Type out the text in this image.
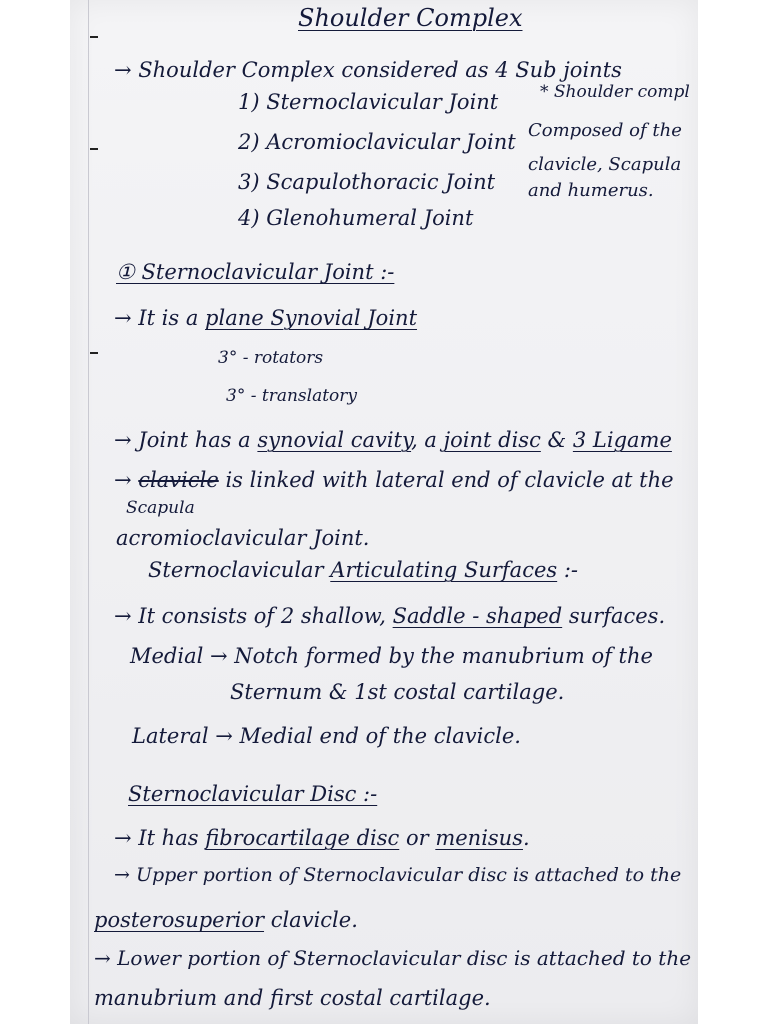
Shoulder Complex
→ Shoulder Complex considered as 4 Sub joints
1) Sternoclavicular Joint
2) Acromioclavicular Joint
3) Scapulothoracic Joint
4) Glenohumeral Joint
* Shoulder compl
Composed of the
clavicle, Scapula
and humerus.
① Sternoclavicular Joint :-
→ It is a plane Synovial Joint
3° - rotators
3° - translatory
→ Joint has a synovial cavity, a joint disc & 3 Ligame
→ clavicle is linked with lateral end of clavicle at the
Scapula
acromioclavicular Joint.
Sternoclavicular Articulating Surfaces :-
→ It consists of 2 shallow, Saddle - shaped surfaces.
Medial → Notch formed by the manubrium of the
Sternum & 1st costal cartilage.
Lateral → Medial end of the clavicle.
Sternoclavicular Disc :-
→ It has fibrocartilage disc or menisus.
→ Upper portion of Sternoclavicular disc is attached to the
posterosuperior clavicle.
→ Lower portion of Sternoclavicular disc is attached to the
manubrium and first costal cartilage.
